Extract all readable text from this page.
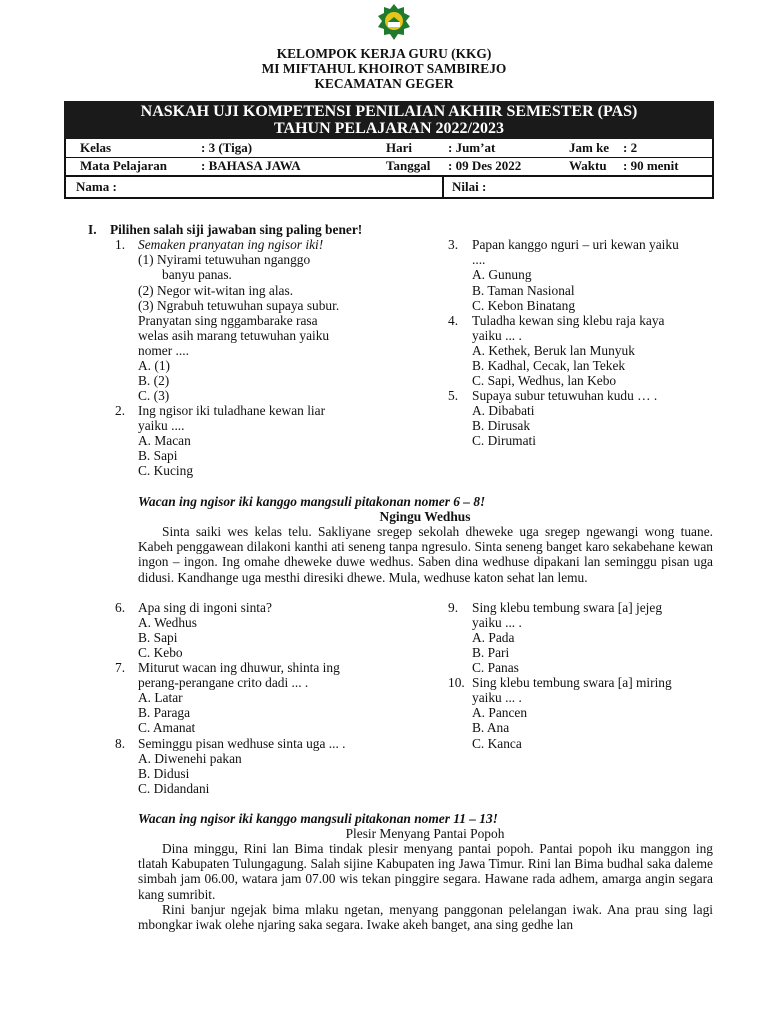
KELOMPOK KERJA GURU (KKG)
MI MIFTAHUL KHOIROT SAMBIREJO
KECAMATAN GEGER
NASKAH UJI KOMPETENSI PENILAIAN AKHIR SEMESTER (PAS)
TAHUN PELAJARAN 2022/2023
Kelas	: 3 (Tiga)	Hari	: Jum’at	Jam ke : 2
Mata Pelajaran	: BAHASA JAWA	Tanggal : 09 Des 2022	Waktu : 90 menit
Nama :	Nilai :
I. Pilihen salah siji jawaban sing paling bener!
1. Semaken pranyatan ing ngisor iki!
(1) Nyirami tetuwuhan nganggo
banyu panas.
(2) Negor wit-witan ing alas.
(3) Ngrabuh tetuwuhan supaya subur.
Pranyatan sing nggambarake rasa
welas asih marang tetuwuhan yaiku
nomer ....
A. (1)
B. (2)
C. (3)
2. Ing ngisor iki tuladhane kewan liar
yaiku ....
A. Macan
B. Sapi
C. Kucing
3. Papan kanggo nguri – uri kewan yaiku
....
A. Gunung
B. Taman Nasional
C. Kebon Binatang
4. Tuladha kewan sing klebu raja kaya
yaiku ... .
A. Kethek, Beruk lan Munyuk
B. Kadhal, Cecak, lan Tekek
C. Sapi, Wedhus, lan Kebo
5. Supaya subur tetuwuhan kudu … .
A. Dibabati
B. Dirusak
C. Dirumati
Wacan ing ngisor iki kanggo mangsuli pitakonan nomer 6 – 8!
Ngingu Wedhus

Sinta saiki wes kelas telu. Sakliyane sregep sekolah dheweke uga sregep ngewangi wong tuane. Kabeh penggawean dilakoni kanthi ati seneng tanpa ngresulo. Sinta seneng banget karo sekabehane kewan ingon – ingon. Ing omahe dheweke duwe wedhus. Saben dina wedhuse dipakani lan seminggu pisan uga didusi. Kandhange uga mesthi diresiki dhewe. Mula, wedhuse katon sehat lan lemu.

6. Apa sing di ingoni sinta?
A. Wedhus
B. Sapi
C. Kebo
7. Miturut wacan ing dhuwur, shinta ing
perang-perangane crito dadi ... .
A. Latar
B. Paraga
C. Amanat
8. Seminggu pisan wedhuse sinta uga ... .
A. Diwenehi pakan
B. Didusi
C. Didandani
9. Sing klebu tembung swara [a] jejeg
yaiku ... .
A. Pada
B. Pari
C. Panas
10. Sing klebu tembung swara [a] miring
yaiku ... .
A. Pancen
B. Ana
C. Kanca
Wacan ing ngisor iki kanggo mangsuli pitakonan nomer 11 – 13!
Plesir Menyang Pantai Popoh

Dina minggu, Rini lan Bima tindak plesir menyang pantai popoh. Pantai popoh iku manggon ing tlatah Kabupaten Tulungagung. Salah sijine Kabupaten ing Jawa Timur. Rini lan Bima budhal saka daleme simbah jam 06.00, watara jam 07.00 wis tekan pinggire segara. Hawane rada adhem, amarga angin segara kang sumribit.

Rini banjur ngejak bima mlaku ngetan, menyang panggonan pelelangan iwak. Ana prau sing lagi mbongkar iwak olehe njaring saka segara. Iwake akeh banget, ana sing gedhe lan
